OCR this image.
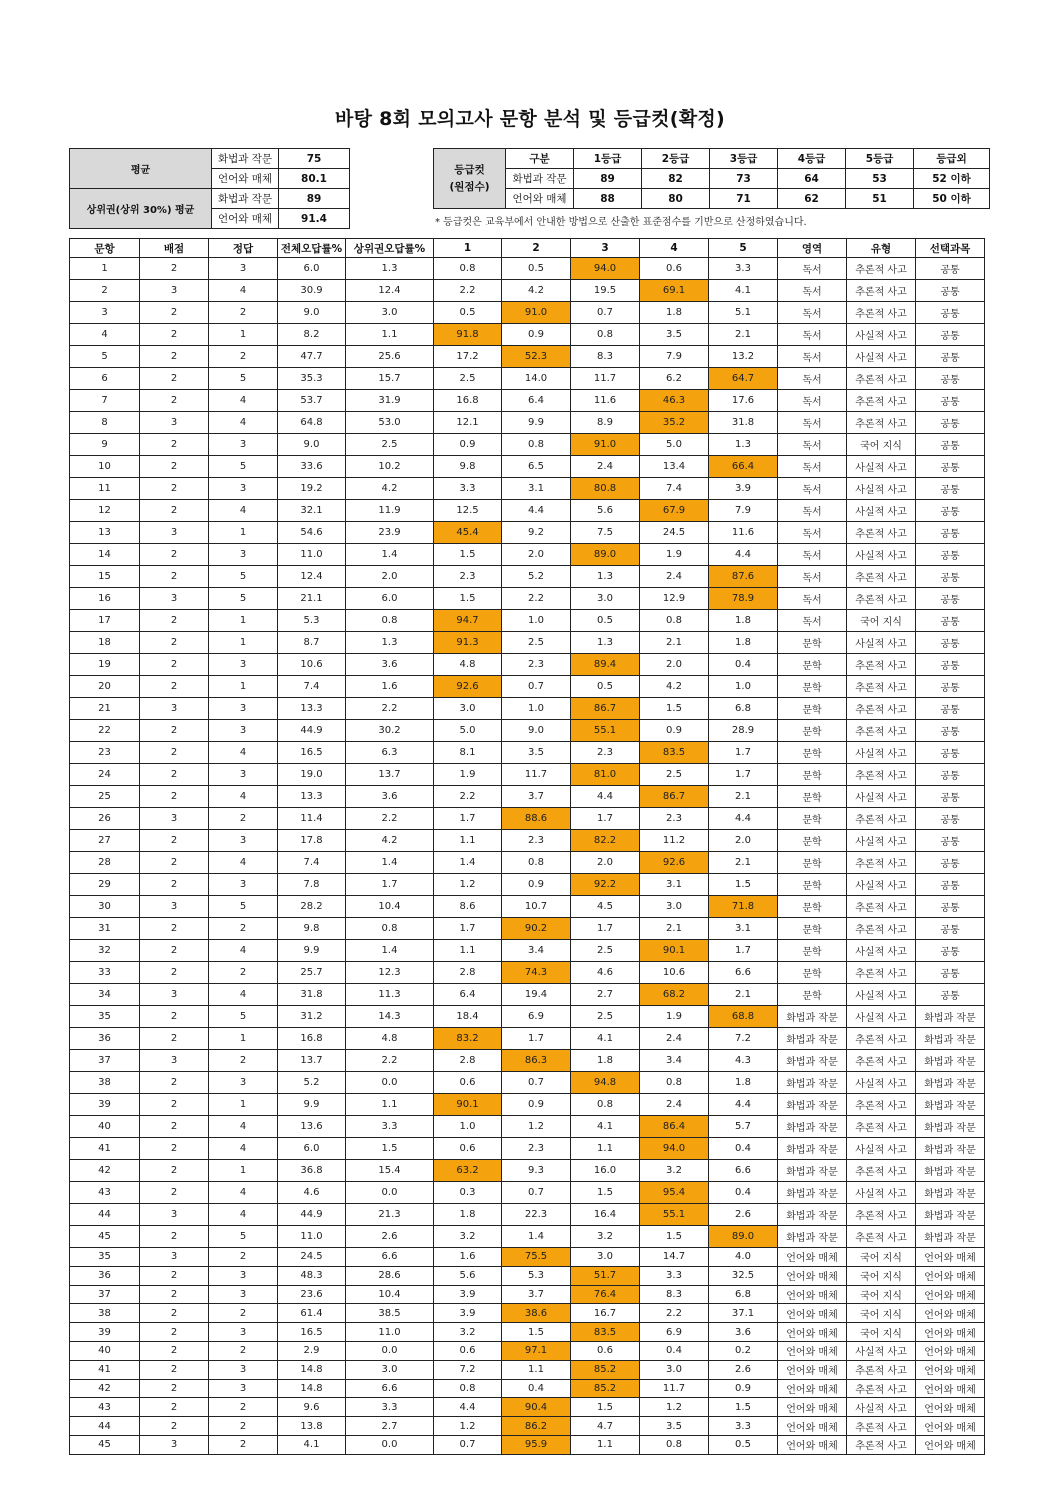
바탕 8회 모의고사 문항 분석 및 등급컷(확정)
평균	화법과 작문	75
	언어와 매체	80.1
상위권(상위 30%) 평균	화법과 작문	89
	언어와 매체	91.4
등급컷
(원점수)	구분	1등급	2등급	3등급	4등급	5등급	등급외
	화법과 작문	89	82	73	64	53	52 이하
	언어와 매체	88	80	71	62	51	50 이하
* 등급컷은 교육부에서 안내한 방법으로 산출한 표준점수를 기반으로 산정하였습니다.
문항	배점	정답	전체오답률%	상위권오답률%	1	2	3	4	5	영역	유형	선택과목
1	2	3	6.0	1.3	0.8	0.5	94.0	0.6	3.3	독서	추론적 사고	공통
2	3	4	30.9	12.4	2.2	4.2	19.5	69.1	4.1	독서	추론적 사고	공통
3	2	2	9.0	3.0	0.5	91.0	0.7	1.8	5.1	독서	추론적 사고	공통
4	2	1	8.2	1.1	91.8	0.9	0.8	3.5	2.1	독서	사실적 사고	공통
5	2	2	47.7	25.6	17.2	52.3	8.3	7.9	13.2	독서	사실적 사고	공통
6	2	5	35.3	15.7	2.5	14.0	11.7	6.2	64.7	독서	추론적 사고	공통
7	2	4	53.7	31.9	16.8	6.4	11.6	46.3	17.6	독서	추론적 사고	공통
8	3	4	64.8	53.0	12.1	9.9	8.9	35.2	31.8	독서	추론적 사고	공통
9	2	3	9.0	2.5	0.9	0.8	91.0	5.0	1.3	독서	국어 지식	공통
10	2	5	33.6	10.2	9.8	6.5	2.4	13.4	66.4	독서	사실적 사고	공통
11	2	3	19.2	4.2	3.3	3.1	80.8	7.4	3.9	독서	사실적 사고	공통
12	2	4	32.1	11.9	12.5	4.4	5.6	67.9	7.9	독서	사실적 사고	공통
13	3	1	54.6	23.9	45.4	9.2	7.5	24.5	11.6	독서	추론적 사고	공통
14	2	3	11.0	1.4	1.5	2.0	89.0	1.9	4.4	독서	사실적 사고	공통
15	2	5	12.4	2.0	2.3	5.2	1.3	2.4	87.6	독서	추론적 사고	공통
16	3	5	21.1	6.0	1.5	2.2	3.0	12.9	78.9	독서	추론적 사고	공통
17	2	1	5.3	0.8	94.7	1.0	0.5	0.8	1.8	독서	국어 지식	공통
18	2	1	8.7	1.3	91.3	2.5	1.3	2.1	1.8	문학	사실적 사고	공통
19	2	3	10.6	3.6	4.8	2.3	89.4	2.0	0.4	문학	추론적 사고	공통
20	2	1	7.4	1.6	92.6	0.7	0.5	4.2	1.0	문학	추론적 사고	공통
21	3	3	13.3	2.2	3.0	1.0	86.7	1.5	6.8	문학	추론적 사고	공통
22	2	3	44.9	30.2	5.0	9.0	55.1	0.9	28.9	문학	추론적 사고	공통
23	2	4	16.5	6.3	8.1	3.5	2.3	83.5	1.7	문학	사실적 사고	공통
24	2	3	19.0	13.7	1.9	11.7	81.0	2.5	1.7	문학	추론적 사고	공통
25	2	4	13.3	3.6	2.2	3.7	4.4	86.7	2.1	문학	사실적 사고	공통
26	3	2	11.4	2.2	1.7	88.6	1.7	2.3	4.4	문학	추론적 사고	공통
27	2	3	17.8	4.2	1.1	2.3	82.2	11.2	2.0	문학	사실적 사고	공통
28	2	4	7.4	1.4	1.4	0.8	2.0	92.6	2.1	문학	추론적 사고	공통
29	2	3	7.8	1.7	1.2	0.9	92.2	3.1	1.5	문학	사실적 사고	공통
30	3	5	28.2	10.4	8.6	10.7	4.5	3.0	71.8	문학	추론적 사고	공통
31	2	2	9.8	0.8	1.7	90.2	1.7	2.1	3.1	문학	추론적 사고	공통
32	2	4	9.9	1.4	1.1	3.4	2.5	90.1	1.7	문학	사실적 사고	공통
33	2	2	25.7	12.3	2.8	74.3	4.6	10.6	6.6	문학	추론적 사고	공통
34	3	4	31.8	11.3	6.4	19.4	2.7	68.2	2.1	문학	사실적 사고	공통
35	2	5	31.2	14.3	18.4	6.9	2.5	1.9	68.8	화법과 작문	사실적 사고	화법과 작문
36	2	1	16.8	4.8	83.2	1.7	4.1	2.4	7.2	화법과 작문	추론적 사고	화법과 작문
37	3	2	13.7	2.2	2.8	86.3	1.8	3.4	4.3	화법과 작문	추론적 사고	화법과 작문
38	2	3	5.2	0.0	0.6	0.7	94.8	0.8	1.8	화법과 작문	사실적 사고	화법과 작문
39	2	1	9.9	1.1	90.1	0.9	0.8	2.4	4.4	화법과 작문	추론적 사고	화법과 작문
40	2	4	13.6	3.3	1.0	1.2	4.1	86.4	5.7	화법과 작문	추론적 사고	화법과 작문
41	2	4	6.0	1.5	0.6	2.3	1.1	94.0	0.4	화법과 작문	사실적 사고	화법과 작문
42	2	1	36.8	15.4	63.2	9.3	16.0	3.2	6.6	화법과 작문	추론적 사고	화법과 작문
43	2	4	4.6	0.0	0.3	0.7	1.5	95.4	0.4	화법과 작문	사실적 사고	화법과 작문
44	3	4	44.9	21.3	1.8	22.3	16.4	55.1	2.6	화법과 작문	추론적 사고	화법과 작문
45	2	5	11.0	2.6	3.2	1.4	3.2	1.5	89.0	화법과 작문	추론적 사고	화법과 작문
35	3	2	24.5	6.6	1.6	75.5	3.0	14.7	4.0	언어와 매체	국어 지식	언어와 매체
36	2	3	48.3	28.6	5.6	5.3	51.7	3.3	32.5	언어와 매체	국어 지식	언어와 매체
37	2	3	23.6	10.4	3.9	3.7	76.4	8.3	6.8	언어와 매체	국어 지식	언어와 매체
38	2	2	61.4	38.5	3.9	38.6	16.7	2.2	37.1	언어와 매체	국어 지식	언어와 매체
39	2	3	16.5	11.0	3.2	1.5	83.5	6.9	3.6	언어와 매체	국어 지식	언어와 매체
40	2	2	2.9	0.0	0.6	97.1	0.6	0.4	0.2	언어와 매체	사실적 사고	언어와 매체
41	2	3	14.8	3.0	7.2	1.1	85.2	3.0	2.6	언어와 매체	추론적 사고	언어와 매체
42	2	3	14.8	6.6	0.8	0.4	85.2	11.7	0.9	언어와 매체	추론적 사고	언어와 매체
43	2	2	9.6	3.3	4.4	90.4	1.5	1.2	1.5	언어와 매체	사실적 사고	언어와 매체
44	2	2	13.8	2.7	1.2	86.2	4.7	3.5	3.3	언어와 매체	추론적 사고	언어와 매체
45	3	2	4.1	0.0	0.7	95.9	1.1	0.8	0.5	언어와 매체	추론적 사고	언어와 매체
